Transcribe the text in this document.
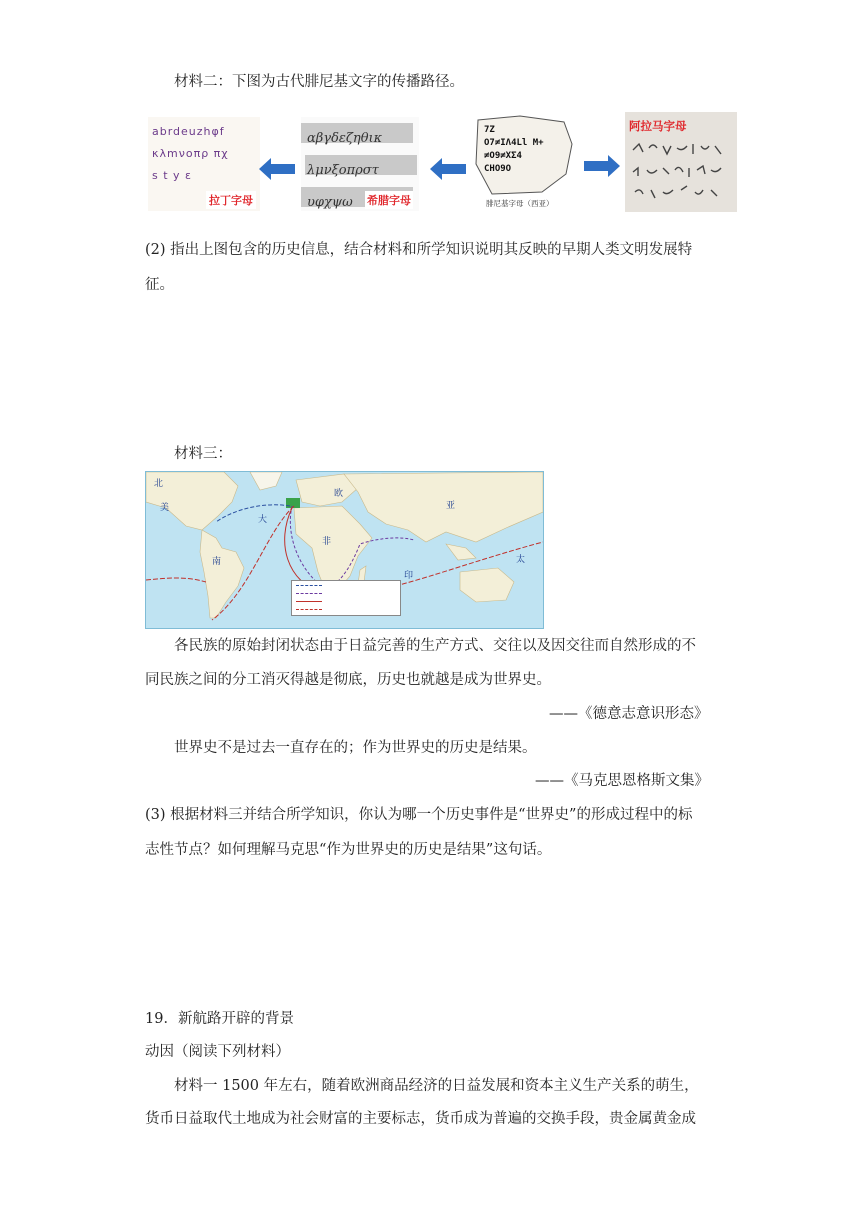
材料二：下图为古代腓尼基文字的传播路径。
abrdeuzhφf
κλmνοπρ πχ
s t y ε
拉丁字母
αβγδεζηθικ
λμνξοπρστ
υφχψω	希腊字母
7Z
O7≠IΛ4Ll M+
≠O9≠XΣ4
CHO9O
腓尼基字母（西亚）
阿拉马字母
(2) 指出上图包含的历史信息，结合材料和所学知识说明其反映的早期人类文明发展特
征。
材料三：
北
美
欧
亚
非
南
大
印
太
各民族的原始封闭状态由于日益完善的生产方式、交往以及因交往而自然形成的不
同民族之间的分工消灭得越是彻底，历史也就越是成为世界史。
——《德意志意识形态》
世界史不是过去一直存在的；作为世界史的历史是结果。
——《马克思恩格斯文集》
(3) 根据材料三并结合所学知识，你认为哪一个历史事件是“世界史”的形成过程中的标
志性节点？如何理解马克思“作为世界史的历史是结果”这句话。
19．新航路开辟的背景
动因（阅读下列材料）
材料一 1500 年左右，随着欧洲商品经济的日益发展和资本主义生产关系的萌生，
货币日益取代土地成为社会财富的主要标志，货币成为普遍的交换手段，贵金属黄金成
